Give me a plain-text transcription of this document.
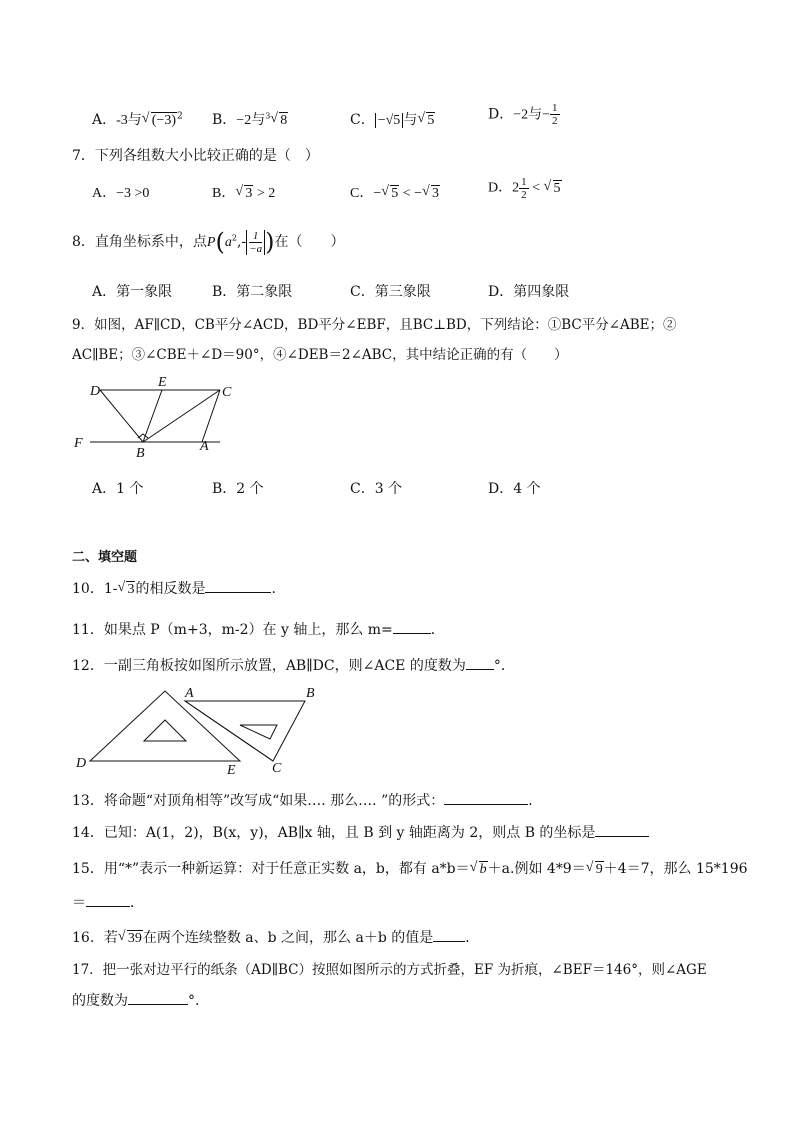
A．-3与 √ $(-3)^2$ B．−2与$^3$ √ 8	C． −√5 与 √ 5	D．−2与− $\frac{1}{2}$
7．下列各组数大小比较正确的是（　）
A．−3 >0	B． √ 3 > 2	C．− √ 5 < − √ 3	D．$2 \frac{1}{2}$ < √ 5
8．直角坐标系中，点$P(a^2,- \frac{1}{-a}$ )在（　　）
A．第一象限	B．第二象限	C．第三象限	D．第四象限
9．如图，AF∥CD，CB平分∠ACD，BD平分∠EBF，且BC⊥BD，下列结论：①BC平分∠ABE；②
AC∥BE；③∠CBE＋∠D＝90°，④∠DEB＝2∠ABC，其中结论正确的有（　　）
D
E
C
F
B	A
A．1 个	B．2 个	C．3 个	D．4 个
二、填空题
10．1- √ 3的相反数是	.
11．如果点 P（m+3，m-2）在 y 轴上，那么 m=	．
12．一副三角板按如图所示放置，AB∥DC，则∠ACE 的度数为 °．
A	B
D	E	C
13．将命题“对顶角相等”改写成“如果…. 那么…. ”的形式：	．
14．已知：A(1，2)，B(x，y)，AB∥x 轴，且 B 到 y 轴距离为 2，则点 B 的坐标是
15．用“*”表示一种新运算：对于任意正实数 a，b，都有 a*b＝ √ b＋a.例如 4*9＝ √ 9＋4＝7，那么 15*196
＝	．
16．若 √ 39在两个连续整数 a、b 之间，那么 a＋b 的值是 ．
17．把一张对边平行的纸条（AD∥BC）按照如图所示的方式折叠，EF 为折痕，∠BEF＝146°，则∠AGE
的度数为	°.
